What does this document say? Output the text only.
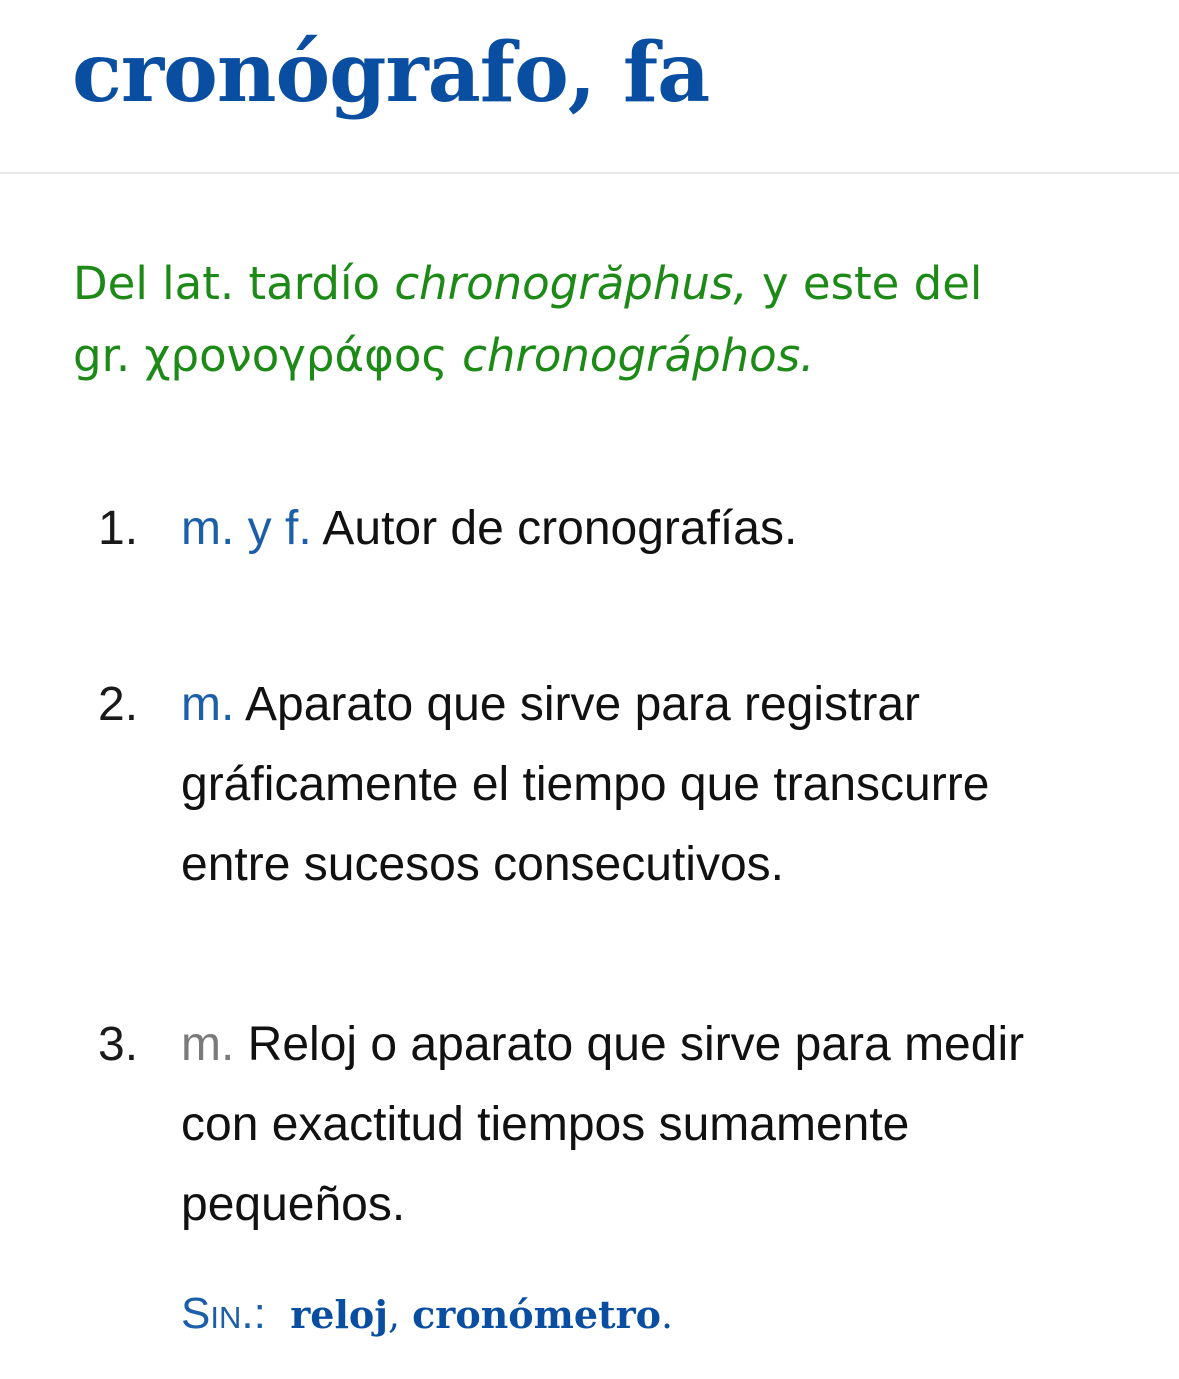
cronógrafo, fa

Del lat. tardío chronogrăphus, y este del
gr. χρονογράφος chronográphos.

1. m. y f. Autor de cronografías.
2. m. Aparato que sirve para registrar
gráficamente el tiempo que transcurre
entre sucesos consecutivos.
3. m. Reloj o aparato que sirve para medir
con exactitud tiempos sumamente
pequeños.
Sin.: reloj, cronómetro.
